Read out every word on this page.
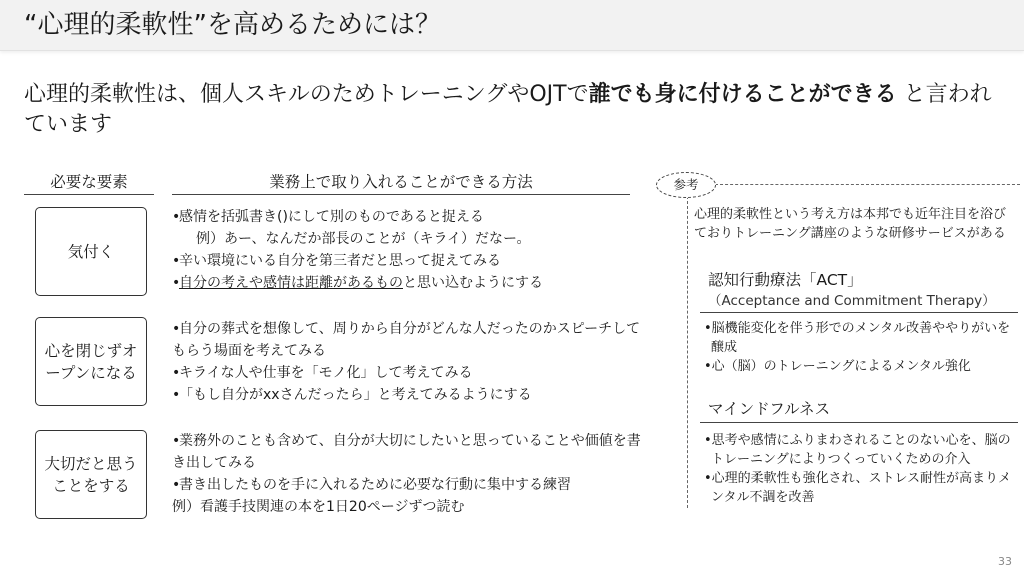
“心理的柔軟性”を高めるためには？
心理的柔軟性は、個人スキルのためトレーニングやOJTで誰でも身に付けることができる と言われています
必要な要素	業務上で取り入れることができる方法
気付く
•感情を括弧書き()にして別のものであると捉える
例）あー、なんだか部長のことが（キライ）だなー。
•辛い環境にいる自分を第三者だと思って捉えてみる
•自分の考えや感情は距離があるものと思い込むようにする
心を閉じずオープンになる
•自分の葬式を想像して、周りから自分がどんな人だったのかスピーチしてもらう場面を考えてみる
•キライな人や仕事を「モノ化」して考えてみる
•「もし自分がxxさんだったら」と考えてみるようにする
大切だと思うことをする
•業務外のことも含めて、自分が大切にしたいと思っていることや価値を書き出してみる
•書き出したものを手に入れるために必要な行動に集中する練習
例）看護手技関連の本を1日20ページずつ読む
参考
心理的柔軟性という考え方は本邦でも近年注目を浴びておりトレーニング講座のような研修サービスがある
認知行動療法「ACT」
（Acceptance and Commitment Therapy）
•脳機能変化を伴う形でのメンタル改善ややりがいを醸成
•心（脳）のトレーニングによるメンタル強化
マインドフルネス
•思考や感情にふりまわされることのない心を、脳のトレーニングによりつくっていくための介入
•心理的柔軟性も強化され、ストレス耐性が高まりメンタル不調を改善
33
